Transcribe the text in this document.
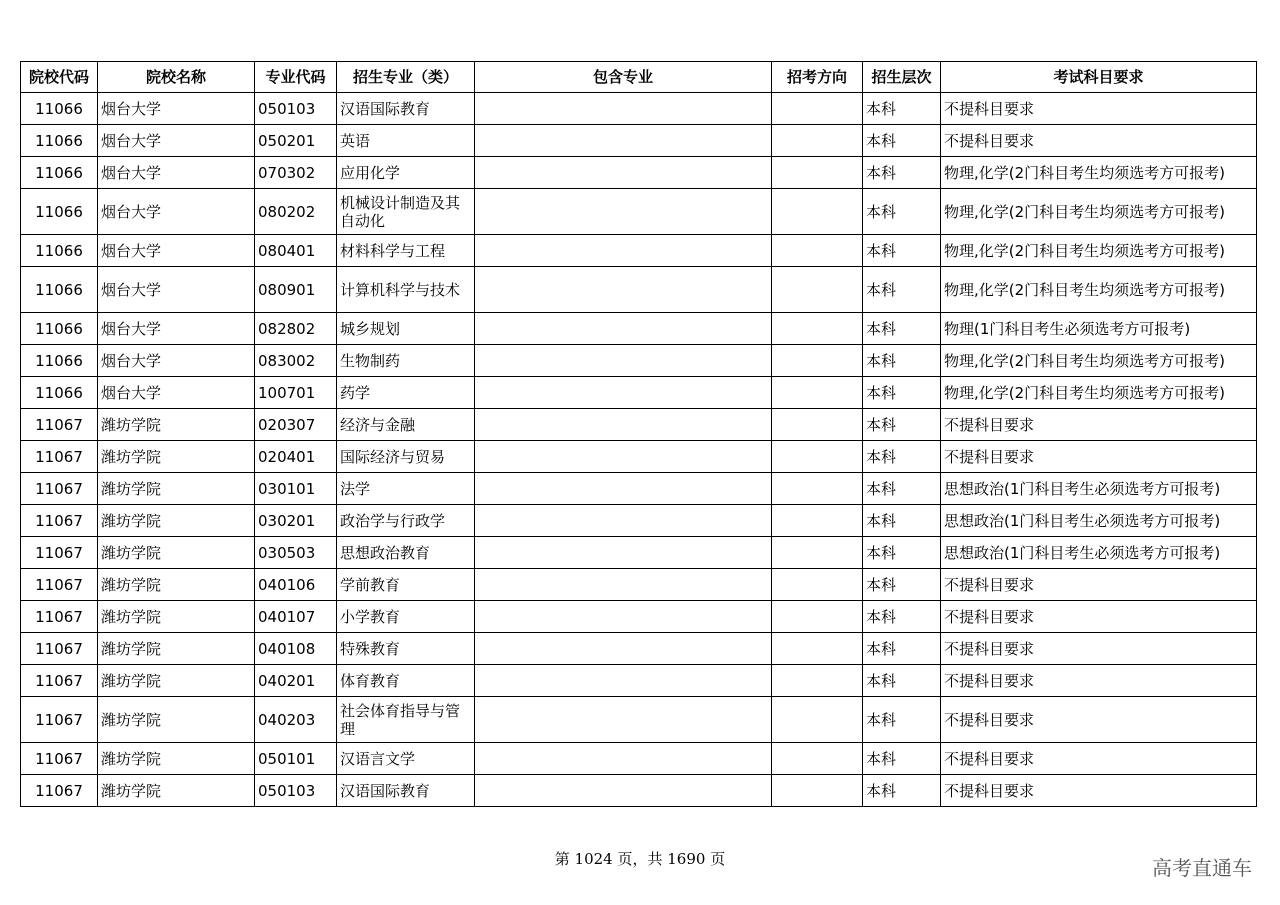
院校代码	院校名称	专业代码	招生专业（类）	包含专业	招考方向	招生层次	考试科目要求
11066	烟台大学	050103	汉语国际教育			本科	不提科目要求
11066	烟台大学	050201	英语			本科	不提科目要求
11066	烟台大学	070302	应用化学			本科	物理,化学(2门科目考生均须选考方可报考)
11066	烟台大学	080202	机械设计制造及其自动化			本科	物理,化学(2门科目考生均须选考方可报考)
11066	烟台大学	080401	材料科学与工程			本科	物理,化学(2门科目考生均须选考方可报考)
11066	烟台大学	080901	计算机科学与技术			本科	物理,化学(2门科目考生均须选考方可报考)
11066	烟台大学	082802	城乡规划			本科	物理(1门科目考生必须选考方可报考)
11066	烟台大学	083002	生物制药			本科	物理,化学(2门科目考生均须选考方可报考)
11066	烟台大学	100701	药学			本科	物理,化学(2门科目考生均须选考方可报考)
11067	潍坊学院	020307	经济与金融			本科	不提科目要求
11067	潍坊学院	020401	国际经济与贸易			本科	不提科目要求
11067	潍坊学院	030101	法学			本科	思想政治(1门科目考生必须选考方可报考)
11067	潍坊学院	030201	政治学与行政学			本科	思想政治(1门科目考生必须选考方可报考)
11067	潍坊学院	030503	思想政治教育			本科	思想政治(1门科目考生必须选考方可报考)
11067	潍坊学院	040106	学前教育			本科	不提科目要求
11067	潍坊学院	040107	小学教育			本科	不提科目要求
11067	潍坊学院	040108	特殊教育			本科	不提科目要求
11067	潍坊学院	040201	体育教育			本科	不提科目要求
11067	潍坊学院	040203	社会体育指导与管理			本科	不提科目要求
11067	潍坊学院	050101	汉语言文学			本科	不提科目要求
11067	潍坊学院	050103	汉语国际教育			本科	不提科目要求
第 1024 页，共 1690 页	高考直通车
